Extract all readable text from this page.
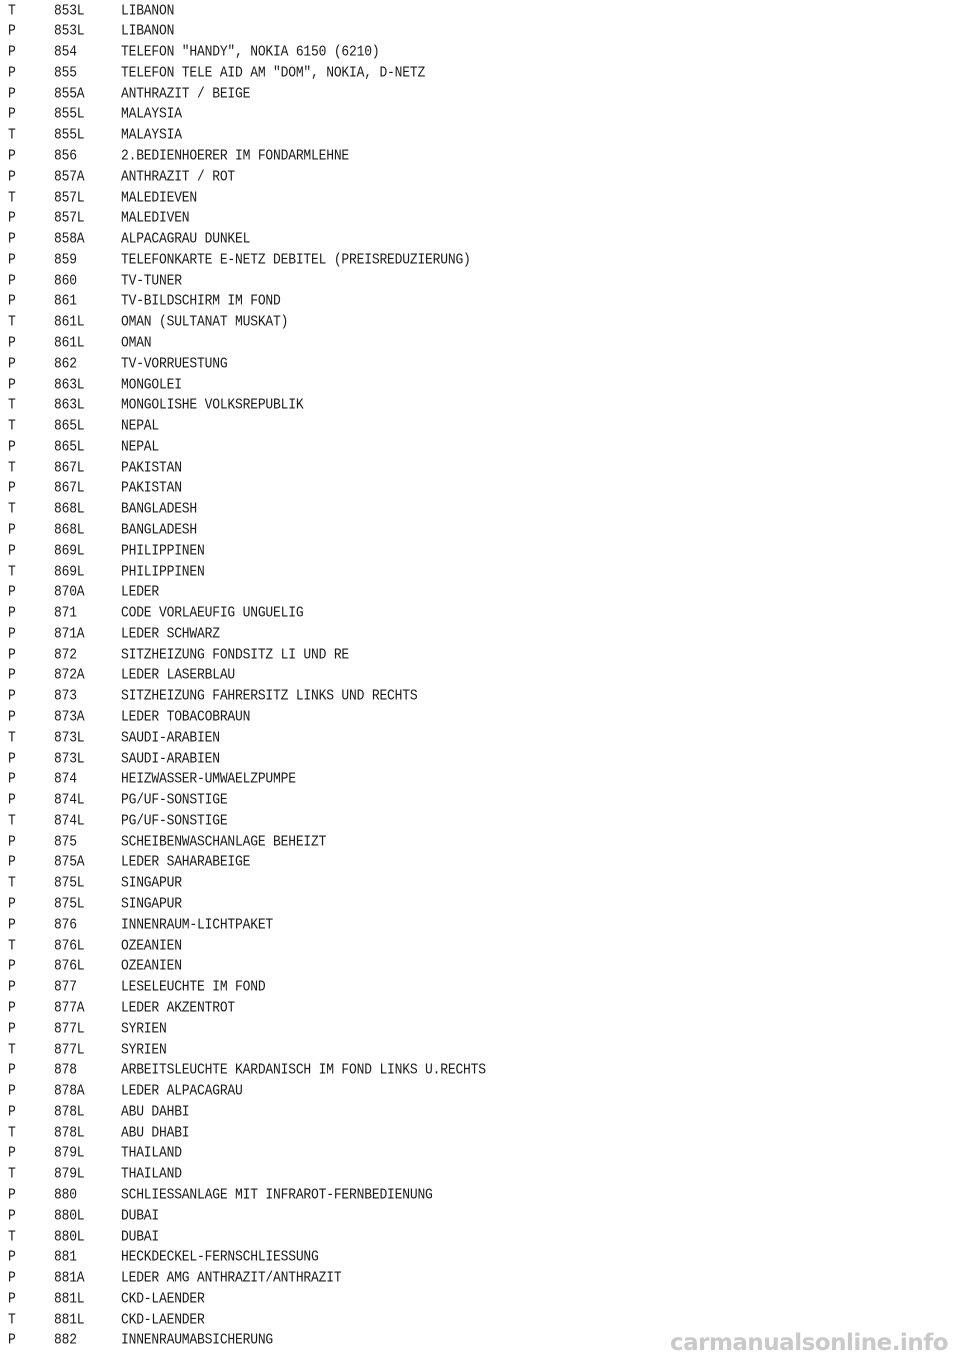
T	853L	LIBANON
P	853L	LIBANON
P	854	TELEFON "HANDY", NOKIA 6150 (6210)
P	855	TELEFON TELE AID AM "DOM", NOKIA, D-NETZ
P	855A	ANTHRAZIT / BEIGE
P	855L	MALAYSIA
T	855L	MALAYSIA
P	856	2.BEDIENHOERER IM FONDARMLEHNE
P	857A	ANTHRAZIT / ROT
T	857L	MALEDIEVEN
P	857L	MALEDIVEN
P	858A	ALPACAGRAU DUNKEL
P	859	TELEFONKARTE E-NETZ DEBITEL (PREISREDUZIERUNG)
P	860	TV-TUNER
P	861	TV-BILDSCHIRM IM FOND
T	861L	OMAN (SULTANAT MUSKAT)
P	861L	OMAN
P	862	TV-VORRUESTUNG
P	863L	MONGOLEI
T	863L	MONGOLISHE VOLKSREPUBLIK
T	865L	NEPAL
P	865L	NEPAL
T	867L	PAKISTAN
P	867L	PAKISTAN
T	868L	BANGLADESH
P	868L	BANGLADESH
P	869L	PHILIPPINEN
T	869L	PHILIPPINEN
P	870A	LEDER
P	871	CODE VORLAEUFIG UNGUELIG
P	871A	LEDER SCHWARZ
P	872	SITZHEIZUNG FONDSITZ LI UND RE
P	872A	LEDER LASERBLAU
P	873	SITZHEIZUNG FAHRERSITZ LINKS UND RECHTS
P	873A	LEDER TOBACOBRAUN
T	873L	SAUDI-ARABIEN
P	873L	SAUDI-ARABIEN
P	874	HEIZWASSER-UMWAELZPUMPE
P	874L	PG/UF-SONSTIGE
T	874L	PG/UF-SONSTIGE
P	875	SCHEIBENWASCHANLAGE BEHEIZT
P	875A	LEDER SAHARABEIGE
T	875L	SINGAPUR
P	875L	SINGAPUR
P	876	INNENRAUM-LICHTPAKET
T	876L	OZEANIEN
P	876L	OZEANIEN
P	877	LESELEUCHTE IM FOND
P	877A	LEDER AKZENTROT
P	877L	SYRIEN
T	877L	SYRIEN
P	878	ARBEITSLEUCHTE KARDANISCH IM FOND LINKS U.RECHTS
P	878A	LEDER ALPACAGRAU
P	878L	ABU DAHBI
T	878L	ABU DHABI
P	879L	THAILAND
T	879L	THAILAND
P	880	SCHLIESSANLAGE MIT INFRAROT-FERNBEDIENUNG
P	880L	DUBAI
T	880L	DUBAI
P	881	HECKDECKEL-FERNSCHLIESSUNG
P	881A	LEDER AMG ANTHRAZIT/ANTHRAZIT
P	881L	CKD-LAENDER
T	881L	CKD-LAENDER
P	882	INNENRAUMABSICHERUNG	carmanualsonline.info
